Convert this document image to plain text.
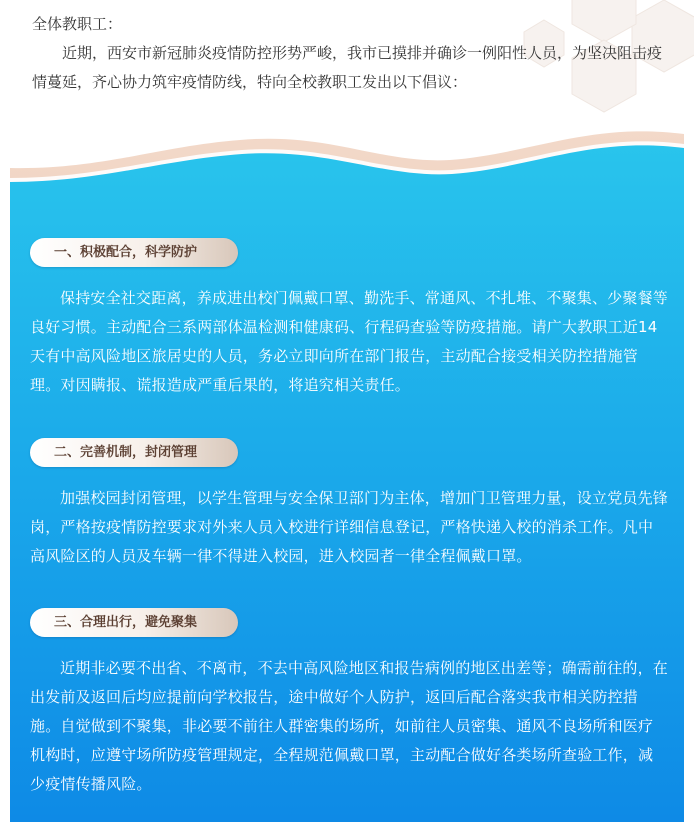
全体教职工：

近期，西安市新冠肺炎疫情防控形势严峻，我市已摸排并确诊一例阳性人员，为坚决阻击疫情蔓延，齐心协力筑牢疫情防线，特向全校教职工发出以下倡议：

一、积极配合，科学防护

保持安全社交距离，养成进出校门佩戴口罩、勤洗手、常通风、不扎堆、不聚集、少聚餐等良好习惯。主动配合三系两部体温检测和健康码、行程码查验等防疫措施。请广大教职工近14天有中高风险地区旅居史的人员，务必立即向所在部门报告，主动配合接受相关防控措施管理。对因瞒报、谎报造成严重后果的，将追究相关责任。

二、完善机制，封闭管理

加强校园封闭管理，以学生管理与安全保卫部门为主体，增加门卫管理力量，设立党员先锋岗，严格按疫情防控要求对外来人员入校进行详细信息登记，严格快递入校的消杀工作。凡中高风险区的人员及车辆一律不得进入校园，进入校园者一律全程佩戴口罩。

三、合理出行，避免聚集

近期非必要不出省、不离市，不去中高风险地区和报告病例的地区出差等；确需前往的，在出发前及返回后均应提前向学校报告，途中做好个人防护，返回后配合落实我市相关防控措施。自觉做到不聚集，非必要不前往人群密集的场所，如前往人员密集、通风不良场所和医疗机构时，应遵守场所防疫管理规定，全程规范佩戴口罩，主动配合做好各类场所查验工作，减少疫情传播风险。
